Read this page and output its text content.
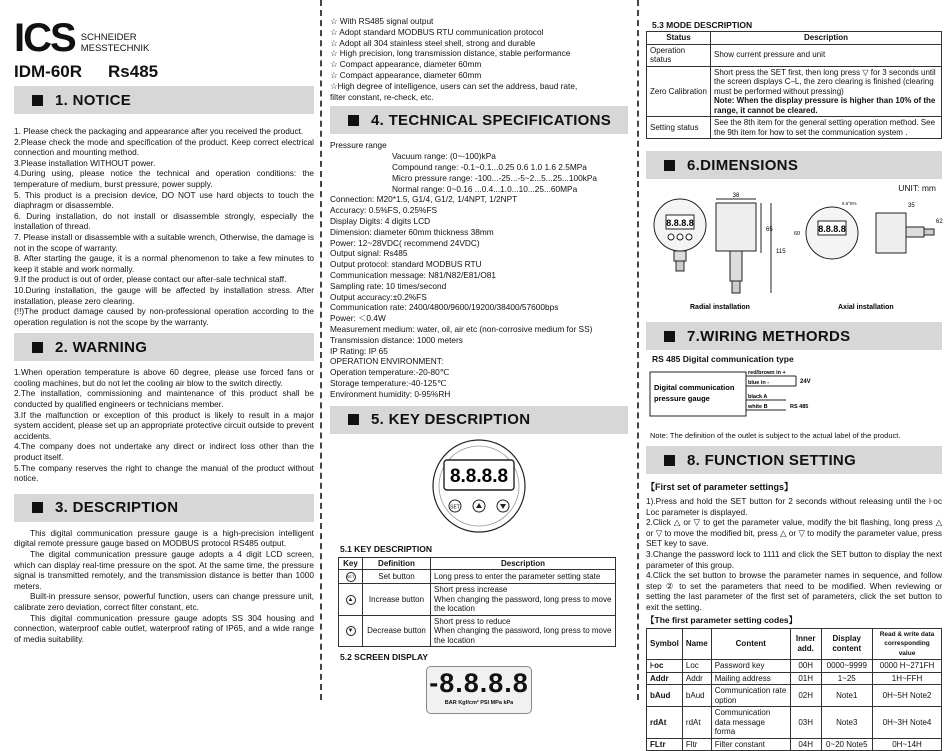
ICS SCHNEIDER
MESSTECHNIK
IDM-60R Rs485
1. NOTICE

1. Please check the packaging and appearance after you received the product.

2.Please check the mode and specification of the product. Keep correct electrical connection and mounting method.

3.Please installation WITHOUT power.

4.During using, please notice the technical and operation conditions: the temperature of medium, burst pressure, power supply.

5. This product is a precision device, DO NOT use hard objects to touch the diaphragm or disassemble.

6. During installation, do not install or disassemble strongly, especially the installation of thread.

7. Please install or disassemble with a suitable wrench, Otherwise, the damage is not in the scope of warranty.

8. After starting the gauge, it is a normal phenomenon to take a few minutes to keep it stable and work normally.

9.If the product is out of order, please contact our after-sale technical staff.

10.During installation, the gauge will be affected by installation stress. After installation, please zero clearing.

(!!)The product damage caused by non-professional operation according to the operation regulation is not the scope by the warranty.

2. WARNING

1.When operation temperature is above 60 degree, please use forced fans or cooling machines, but do not let the cooling air blow to the switch directly.

2.The installation, commissioning and maintenance of this product shall be conducted by qualified engineers or technicians member.

3.If the malfunction or exception of this product is likely to result in a major system accident, please set up an appropriate protective circuit outside to prevent accidents.

4.The company does not undertake any direct or indirect loss other than the product itself.

5.The company reserves the right to change the manual of the product without notice.

3. DESCRIPTION

This digital communication pressure gauge is a high-precision intelligent digital remote pressure gauge based on MODBUS protocol RS485 output.

The digital communication pressure gauge adopts a 4 digit LCD screen, which can display real-time pressure on the spot. At the same time, the pressure signal is transmitted remotely, and the transmission distance is better than 1000 meters.

Built-in pressure sensor, powerful function, users can change pressure unit, calibrate zero deviation, correct filter constant, etc.

This digital communication pressure gauge adopts SS 304 housing and connection, waterproof cable outlet, waterproof rating of IP65, and a wide range of media suitability.

☆ With RS485 signal output
☆ Adopt standard MODBUS RTU communication protocol
☆ Adopt all 304 stainless steel shell, strong and durable
☆ High precision, long transmission distance, stable performance
☆ Compact appearance, diameter 60mm
☆ Compact appearance, diameter 60mm
☆High degree of intelligence, users can set the address, baud rate,
filter constant, re-check, etc.
4. TECHNICAL SPECIFICATIONS
Pressure range
Vacuum range: (0~-100)kPa
Compound range: -0.1~0.1...0.25 0.6 1.0 1.6 2.5MPa
Micro pressure range: -100...-25...-5~2...5...25...100kPa
Normal range: 0~0.16 ...0.4...1.0...10...25...60MPa
Connection: M20*1.5, G1/4, G1/2, 1/4NPT, 1/2NPT
Accuracy: 0.5%FS, 0.25%FS
Display Digits: 4 digits LCD
Dimension: diameter 60mm thickness 38mm
Power: 12~28VDC( recommend 24VDC)
Output signal: Rs485
Output protocol: standard MODBUS RTU
Communication message: N81/N82/E81/O81
Sampling rate: 10 times/second
Output accuracy:±0.2%FS
Communication rate: 2400/4800/9600/19200/38400/57600bps
Power: ＜0.4W
Measurement medium: water, oil, air etc (non-corrosive medium for SS)
Transmission distance: 1000 meters
IP Rating: IP 65
OPERATION ENVIRONMENT:
Operation temperature:-20-80℃
Storage temperature:-40-125℃
Environment humidity: 0-95%RH
5. KEY DESCRIPTION
8.8.8.8
SET
5.1 KEY DESCRIPTION
Key	Definition	Description
SET	Set button	Long press to enter the parameter setting state
▲	Increase button	Short press increase
When changing the password, long press to move the location
▼	Decrease button	Short press to reduce
When changing the password, long press to move the location
5.2 SCREEN DISPLAY
-8.8.8.8
BAR Kgf/cm² PSI MPa kPa
5.3 MODE DESCRIPTION
Status	Description
Operation status	Show current pressure and unit
Zero Calibration	Short press the SET first, then long press ▽ for 3 seconds until the screen displays C–L, the zero clearing is finished (clearing must be performed without pressing)
Note: When the display pressure is higher than 10% of the range, it cannot be cleared.
Setting status	See the 8th item for the general setting operation method. See the 9th item for how to set the communication system .
6.DIMENSIONS
UNIT: mm
8.8.8.8
38
65
115
8.8.8.8
60
5.5°5%	35
62
Radial installation	Axial installation
7.WIRING METHORDS
RS 485 Digital communication type
Digital communication
pressure gauge
red/brown in +
blue in -
black A
white B
24V
RS 485
Note: The definition of the outlet is subject to the actual label of the product.
8. FUNCTION SETTING
【First set of parameter settings】

1).Press and hold the SET button for 2 seconds without releasing until the ⊦oc Loc parameter is displayed.

2.Click △ or ▽ to get the parameter value, modify the bit flashing, long press △ or ▽ to move the modified bit, press △ or ▽ to modify the parameter value, press SET key to save.

3.Change the password lock to 1111 and click the SET button to display the next parameter of this group.

4.Click the set button to browse the parameter names in sequence, and follow step ② to set the parameters that need to be modified. When reviewing or setting the last parameter of the first set of parameters, click the set button to exit the setting.

【The first parameter setting codes】
Symbol	Name	Content	Inner add.	Display content	Read & write data corresponding value
⊦oc	Loc	Password key	00H	0000~9999	0000 H~271FH
Addr	Addr	Mailing address	01H	1~25	1H~FFH
bAud	bAud	Communication rate option	02H	Note1	0H~5H Note2
rdAt	rdAt	Communication data message forma	03H	Note3	0H~3H Note4
FLtr	Fltr	Filter constant	04H	0~20 Note5	0H~14H
